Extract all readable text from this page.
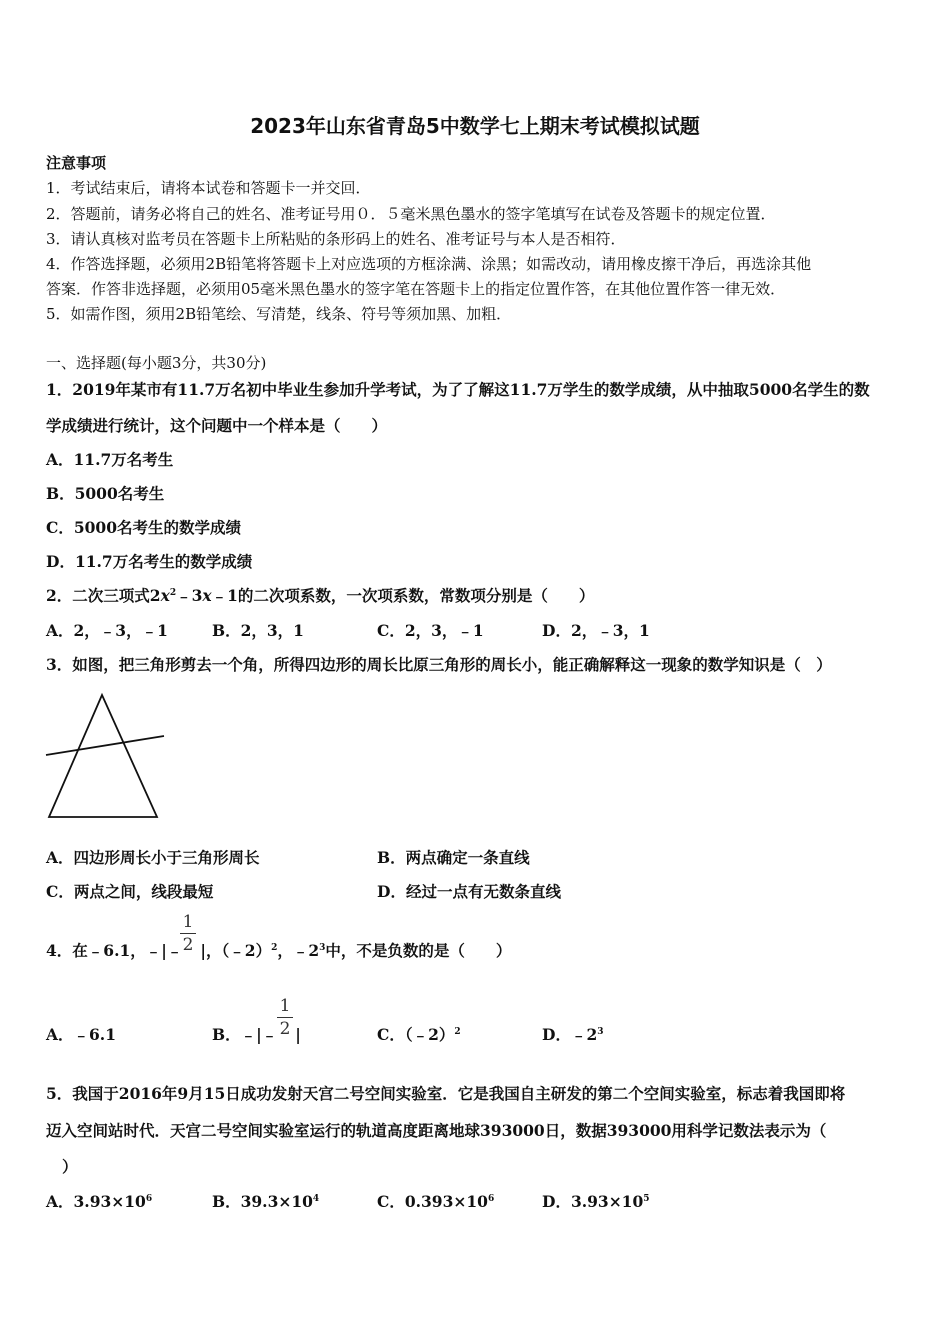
2023年山东省青岛5中数学七上期末考试模拟试题
注意事项
1．考试结束后，请将本试卷和答题卡一并交回．
2．答题前，请务必将自己的姓名、准考证号用０．５毫米黑色墨水的签字笔填写在试卷及答题卡的规定位置．
3．请认真核对监考员在答题卡上所粘贴的条形码上的姓名、准考证号与本人是否相符．
4．作答选择题，必须用2B铅笔将答题卡上对应选项的方框涂满、涂黑；如需改动，请用橡皮擦干净后，再选涂其他
答案．作答非选择题，必须用05毫米黑色墨水的签字笔在答题卡上的指定位置作答，在其他位置作答一律无效．
5．如需作图，须用2B铅笔绘、写清楚，线条、符号等须加黑、加粗．
一、选择题(每小题3分，共30分)
1．2019年某市有11.7万名初中毕业生参加升学考试，为了了解这11.7万学生的数学成绩，从中抽取5000名学生的数
学成绩进行统计，这个问题中一个样本是（　　）
A．11.7万名考生
B．5000名考生
C．5000名考生的数学成绩
D．11.7万名考生的数学成绩
2．二次三项式$2x^2﹣3x﹣1$的二次项系数，一次项系数，常数项分别是（　　）
A．2，﹣3，﹣1	B．2，3，1	C．2，3，﹣1	D．2，﹣3，1
3．如图，把三角形剪去一个角，所得四边形的周长比原三角形的周长小，能正确解释这一现象的数学知识是（　）
A．四边形周长小于三角形周长	B．两点确定一条直线
C．两点之间，线段最短	D．经过一点有无数条直线
4．在﹣6.1，﹣|﹣ |，（﹣2）$^2$，$﹣2^3$中，不是负数的是（　　）
1
2
A．﹣6.1	B．﹣|﹣ |
1
2	C．（﹣2）$^2$	D．$﹣2^3$
5．我国于2016年9月15日成功发射天宫二号空间实验室．它是我国自主研发的第二个空间实验室，标志着我国即将
迈入空间站时代．天宫二号空间实验室运行的轨道高度距离地球393000日，数据393000用科学记数法表示为（
）
A．$3.93\times 10^6$	B．$39.3\times 10^4$	C．$0.393\times 10^6$	D．$3.93\times 10^5$
